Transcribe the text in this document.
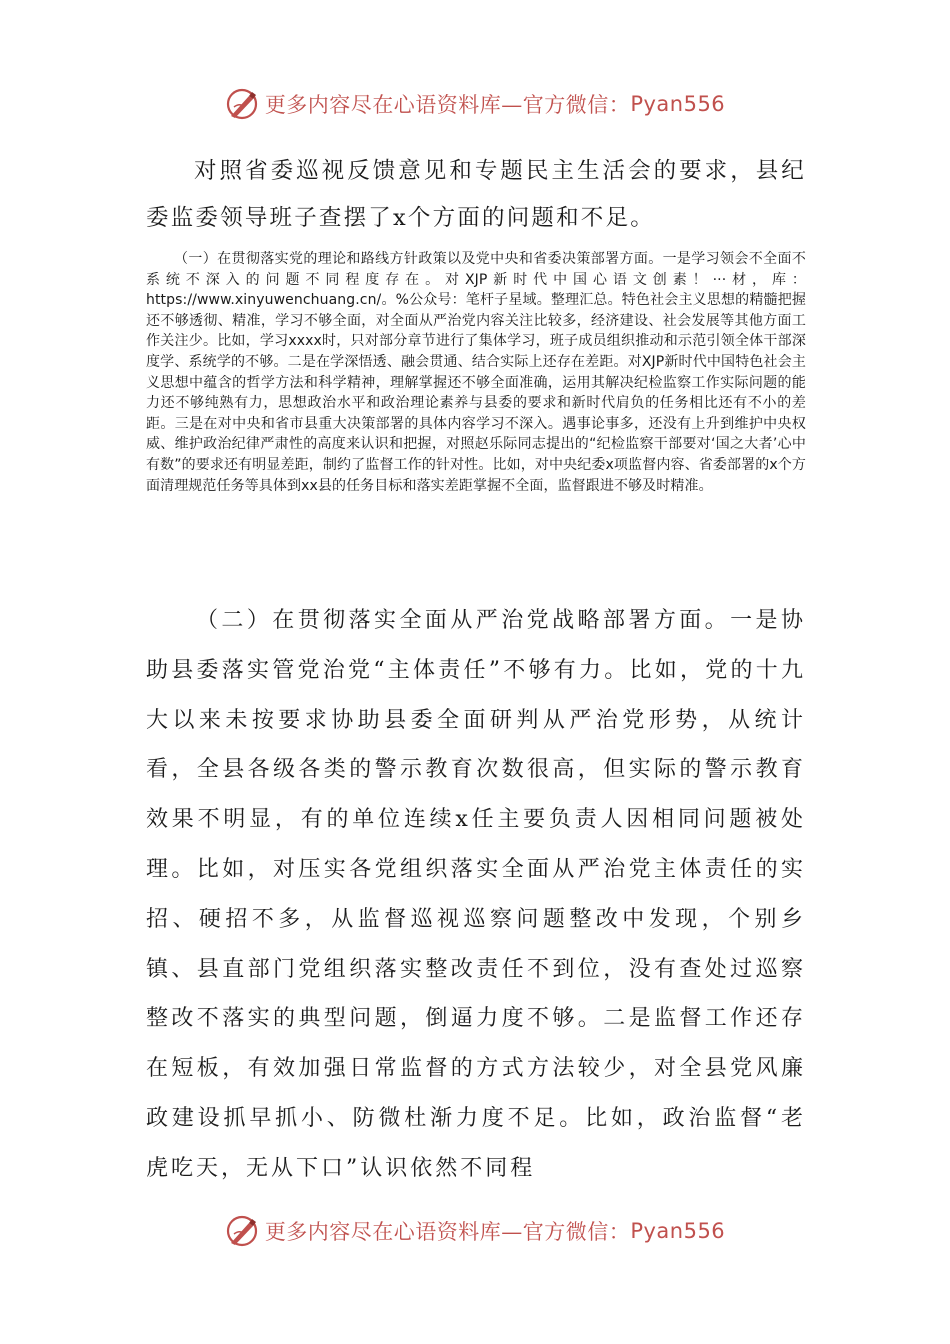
更多内容尽在心语资料库—官方微信： Pyan556

对照省委巡视反馈意见和专题民主生活会的要求，县纪委监委领导班子查摆了x个方面的问题和不足。

（一）在贯彻落实党的理论和路线方针政策以及党中央和省委决策部署方面。一是学习领会不全面不系统不深入的问题不同程度存在。对XJP新时代中国心语文创素！···材，库：https://www.xinyuwenchuang.cn/。%公众号：笔杆子星域。整理汇总。特色社会主义思想的精髓把握还不够透彻、精准，学习不够全面，对全面从严治党内容关注比较多，经济建设、社会发展等其他方面工作关注少。比如，学习xxxx时，只对部分章节进行了集体学习，班子成员组织推动和示范引领全体干部深度学、系统学的不够。二是在学深悟透、融会贯通、结合实际上还存在差距。对XJP新时代中国特色社会主义思想中蕴含的哲学方法和科学精神，理解掌握还不够全面准确，运用其解决纪检监察工作实际问题的能力还不够纯熟有力，思想政治水平和政治理论素养与县委的要求和新时代肩负的任务相比还有不小的差距。三是在对中央和省市县重大决策部署的具体内容学习不深入。遇事论事多，还没有上升到维护中央权威、维护政治纪律严肃性的高度来认识和把握，对照赵乐际同志提出的“纪检监察干部要对‘国之大者’心中有数”的要求还有明显差距，制约了监督工作的针对性。比如，对中央纪委x项监督内容、省委部署的x个方面清理规范任务等具体到xx县的任务目标和落实差距掌握不全面，监督跟进不够及时精准。

（二）在贯彻落实全面从严治党战略部署方面。一是协助县委落实管党治党“主体责任”不够有力。比如，党的十九大以来未按要求协助县委全面研判从严治党形势，从统计看，全县各级各类的警示教育次数很高，但实际的警示教育效果不明显，有的单位连续x任主要负责人因相同问题被处理。比如，对压实各党组织落实全面从严治党主体责任的实招、硬招不多，从监督巡视巡察问题整改中发现，个别乡镇、县直部门党组织落实整改责任不到位，没有查处过巡察整改不落实的典型问题，倒逼力度不够。二是监督工作还存在短板，有效加强日常监督的方式方法较少，对全县党风廉政建设抓早抓小、防微杜渐力度不足。比如，政治监督“老虎吃天，无从下口”认识依然不同程

更多内容尽在心语资料库—官方微信： Pyan556
